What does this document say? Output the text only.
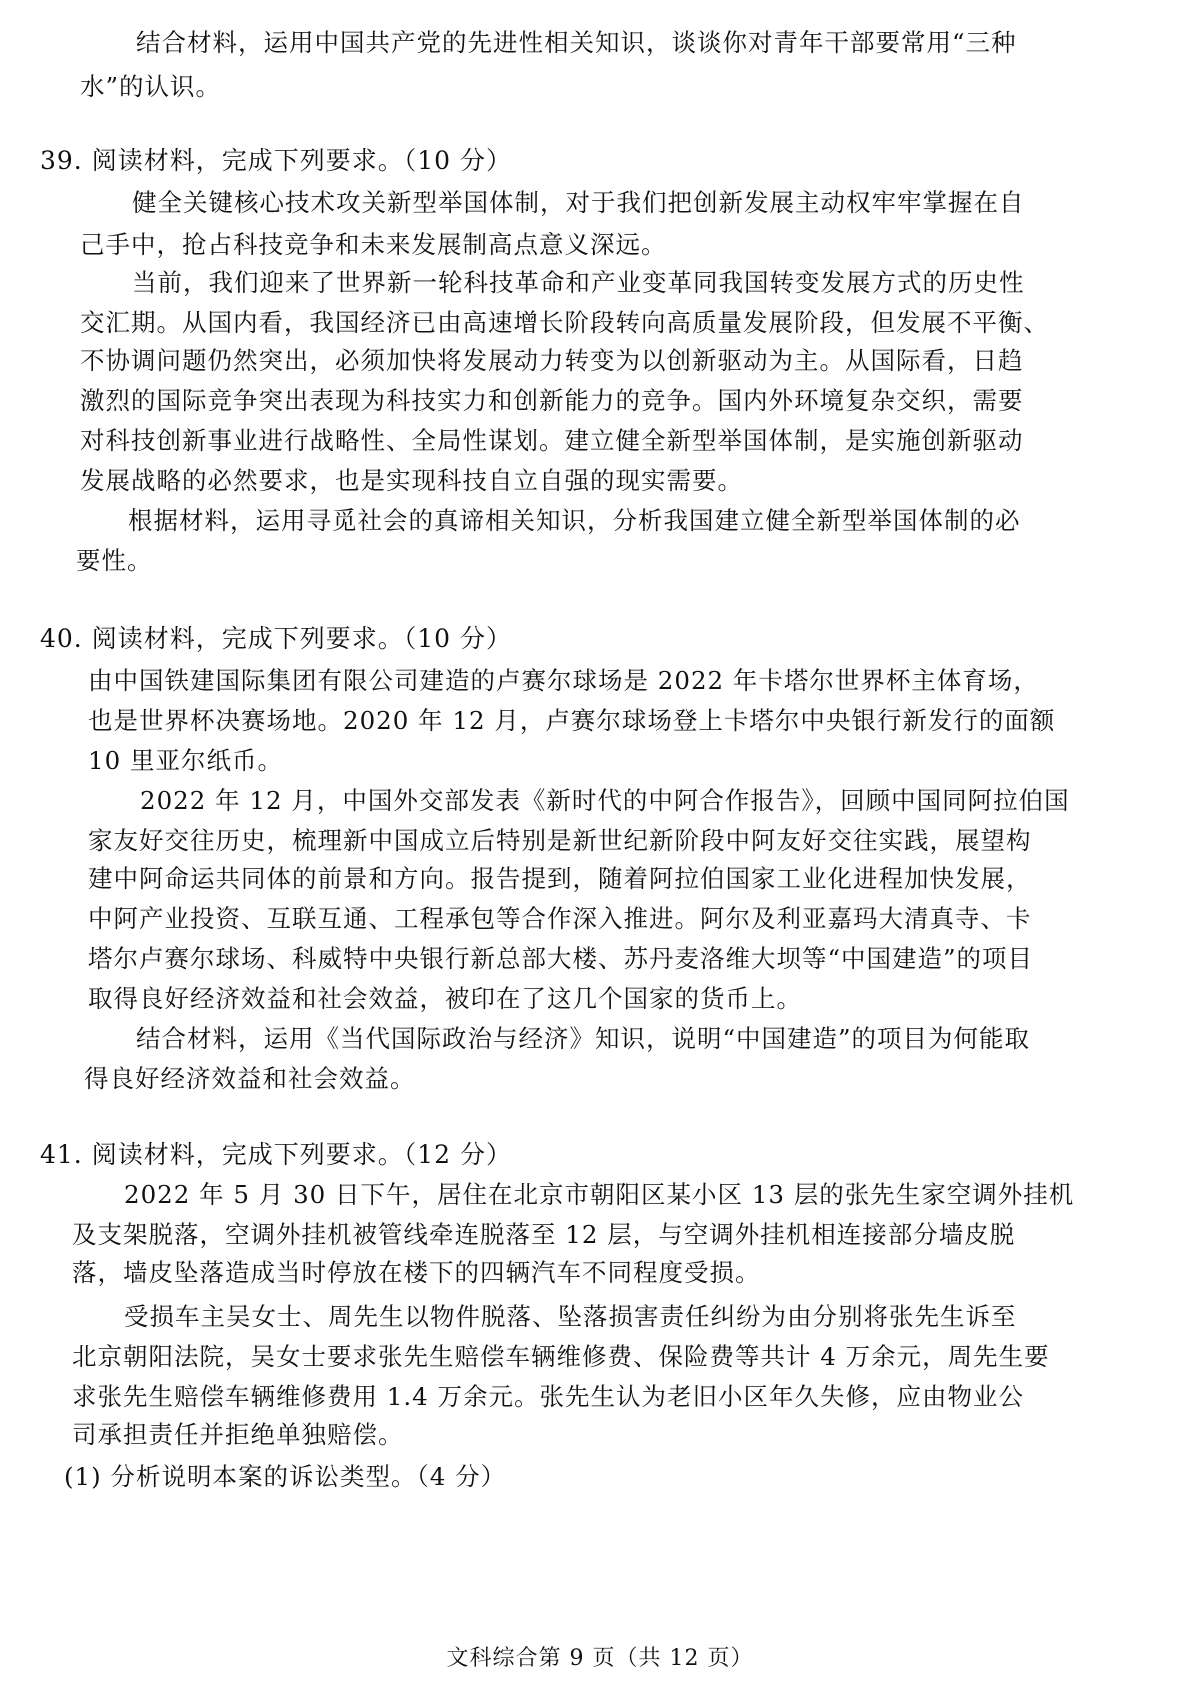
结合材料，运用中国共产党的先进性相关知识，谈谈你对青年干部要常用“三种
水”的认识。
39. 阅读材料，完成下列要求。（10 分）
健全关键核心技术攻关新型举国体制，对于我们把创新发展主动权牢牢掌握在自
己手中，抢占科技竞争和未来发展制高点意义深远。
当前，我们迎来了世界新一轮科技革命和产业变革同我国转变发展方式的历史性
交汇期。从国内看，我国经济已由高速增长阶段转向高质量发展阶段，但发展不平衡、
不协调问题仍然突出，必须加快将发展动力转变为以创新驱动为主。从国际看，日趋
激烈的国际竞争突出表现为科技实力和创新能力的竞争。国内外环境复杂交织，需要
对科技创新事业进行战略性、全局性谋划。建立健全新型举国体制，是实施创新驱动
发展战略的必然要求，也是实现科技自立自强的现实需要。
根据材料，运用寻觅社会的真谛相关知识，分析我国建立健全新型举国体制的必
要性。
40. 阅读材料，完成下列要求。（10 分）
由中国铁建国际集团有限公司建造的卢赛尔球场是 2022 年卡塔尔世界杯主体育场，
也是世界杯决赛场地。2020 年 12 月，卢赛尔球场登上卡塔尔中央银行新发行的面额
10 里亚尔纸币。
2022 年 12 月，中国外交部发表《新时代的中阿合作报告》，回顾中国同阿拉伯国
家友好交往历史，梳理新中国成立后特别是新世纪新阶段中阿友好交往实践，展望构
建中阿命运共同体的前景和方向。报告提到，随着阿拉伯国家工业化进程加快发展，
中阿产业投资、互联互通、工程承包等合作深入推进。阿尔及利亚嘉玛大清真寺、卡
塔尔卢赛尔球场、科威特中央银行新总部大楼、苏丹麦洛维大坝等“中国建造”的项目
取得良好经济效益和社会效益，被印在了这几个国家的货币上。
结合材料，运用《当代国际政治与经济》知识，说明“中国建造”的项目为何能取
得良好经济效益和社会效益。
41. 阅读材料，完成下列要求。（12 分）
2022 年 5 月 30 日下午，居住在北京市朝阳区某小区 13 层的张先生家空调外挂机
及支架脱落，空调外挂机被管线牵连脱落至 12 层，与空调外挂机相连接部分墙皮脱
落，墙皮坠落造成当时停放在楼下的四辆汽车不同程度受损。
受损车主吴女士、周先生以物件脱落、坠落损害责任纠纷为由分别将张先生诉至
北京朝阳法院，吴女士要求张先生赔偿车辆维修费、保险费等共计 4 万余元，周先生要
求张先生赔偿车辆维修费用 1.4 万余元。张先生认为老旧小区年久失修，应由物业公
司承担责任并拒绝单独赔偿。
(1) 分析说明本案的诉讼类型。（4 分）
文科综合第 9 页（共 12 页）
